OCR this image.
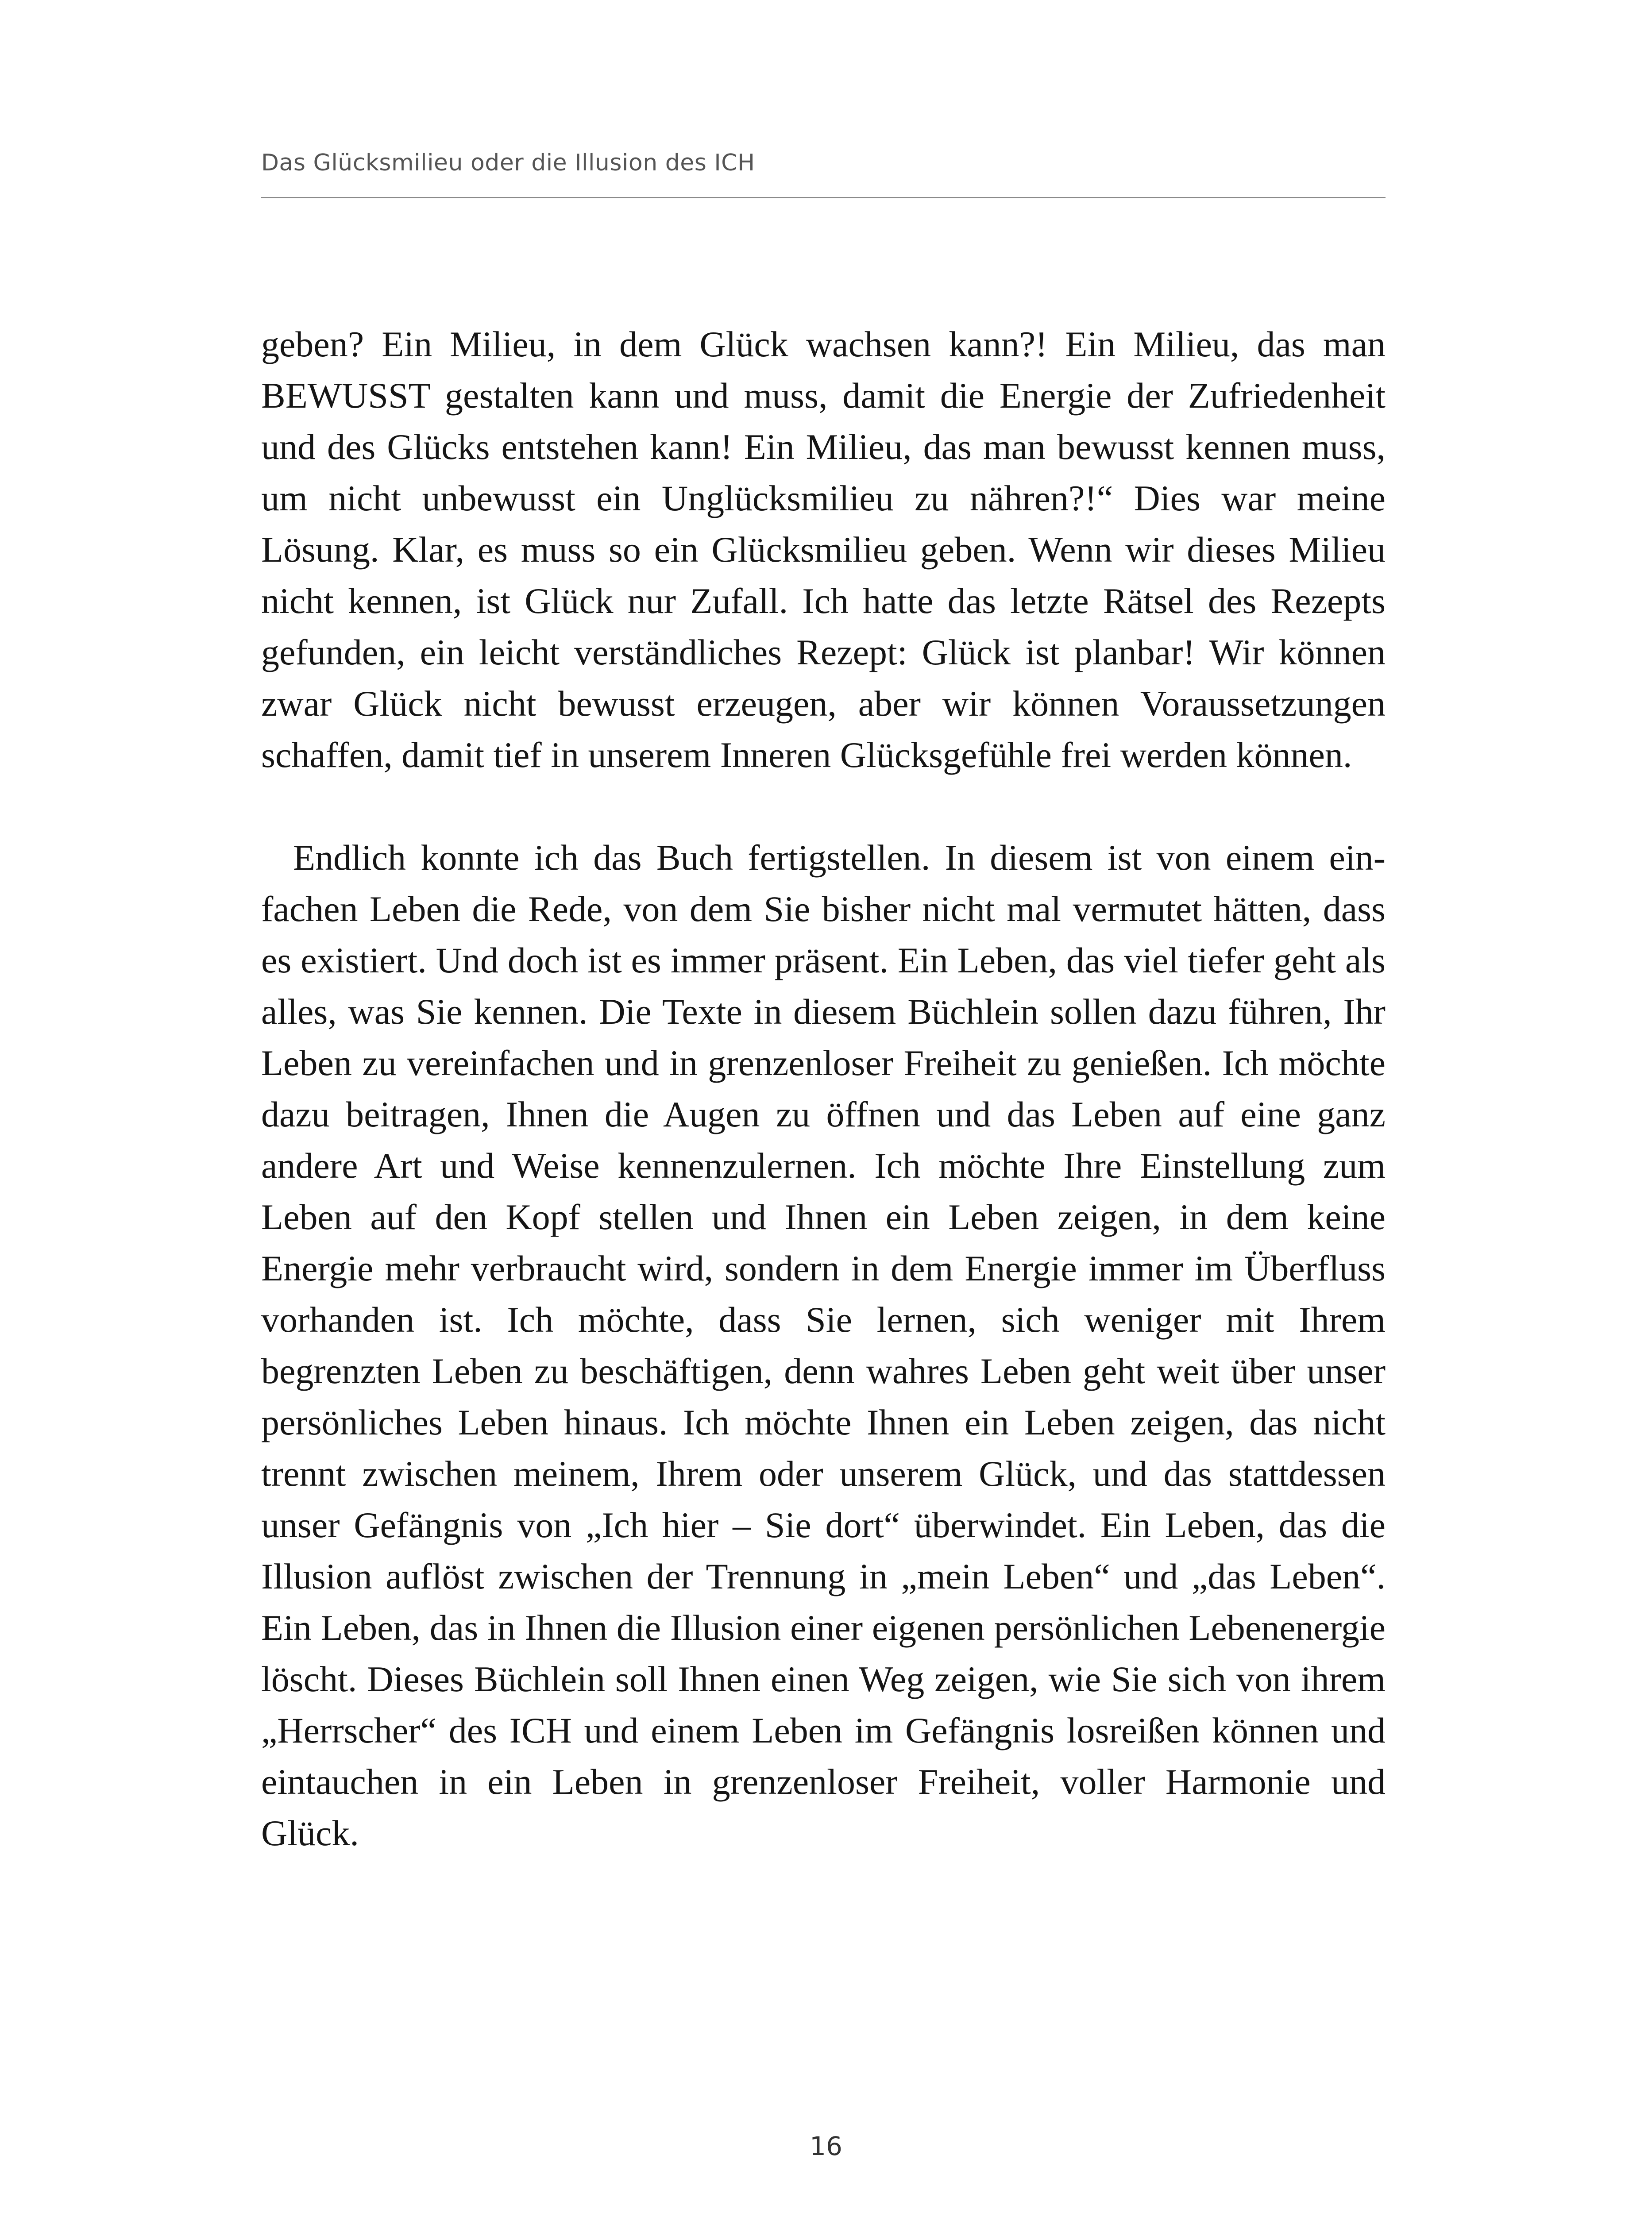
Das Glücksmilieu oder die Illusion des ICH

geben? Ein Milieu, in dem Glück wachsen kann?! Ein Milieu, das man BEWUSST gestalten kann und muss, damit die Energie der Zufriedenheit und des Glücks entstehen kann! Ein Milieu, das man bewusst kennen muss, um nicht unbewusst ein Unglücksmilieu zu nähren?!“ Dies war meine Lösung. Klar, es muss so ein Glücksmilieu geben. Wenn wir dieses Milieu nicht kennen, ist Glück nur Zufall. Ich hatte das letzte Rätsel des Rezepts gefunden, ein leicht verständliches Rezept: Glück ist planbar! Wir können zwar Glück nicht bewusst erzeugen, aber wir können Voraussetzungen schaffen, damit tief in unserem Inneren Glücksgefühle frei werden können.

Endlich konnte ich das Buch fertigstellen. In diesem ist von einem einfachen Leben die Rede, von dem Sie bisher nicht mal vermutet hätten, dass es existiert. Und doch ist es immer präsent. Ein Leben, das viel tiefer geht als alles, was Sie kennen. Die Texte in diesem Büchlein sollen dazu führen, Ihr Leben zu vereinfachen und in grenzenloser Freiheit zu genießen. Ich möchte dazu beitragen, Ihnen die Augen zu öffnen und das Leben auf eine ganz andere Art und Weise kennenzulernen. Ich möchte Ihre Einstellung zum Leben auf den Kopf stellen und Ihnen ein Leben zeigen, in dem keine Energie mehr verbraucht wird, sondern in dem Energie immer im Überfluss vorhanden ist. Ich möchte, dass Sie lernen, sich weniger mit Ihrem begrenzten Leben zu beschäftigen, denn wahres Leben geht weit über unser persönliches Leben hinaus. Ich möchte Ihnen ein Leben zeigen, das nicht trennt zwischen meinem, Ihrem oder unserem Glück, und das stattdessen unser Gefängnis von „Ich hier – Sie dort“ überwindet. Ein Leben, das die Illusion auflöst zwischen der Trennung in „mein Leben“ und „das Leben“. Ein Leben, das in Ihnen die Illusion einer eigenen persönlichen Lebenenergie löscht. Dieses Büchlein soll Ihnen einen Weg zeigen, wie Sie sich von ihrem „Herrscher“ des ICH und einem Leben im Gefängnis losreißen können und eintauchen in ein Leben in grenzenloser Freiheit, voller Harmonie und Glück.

16
